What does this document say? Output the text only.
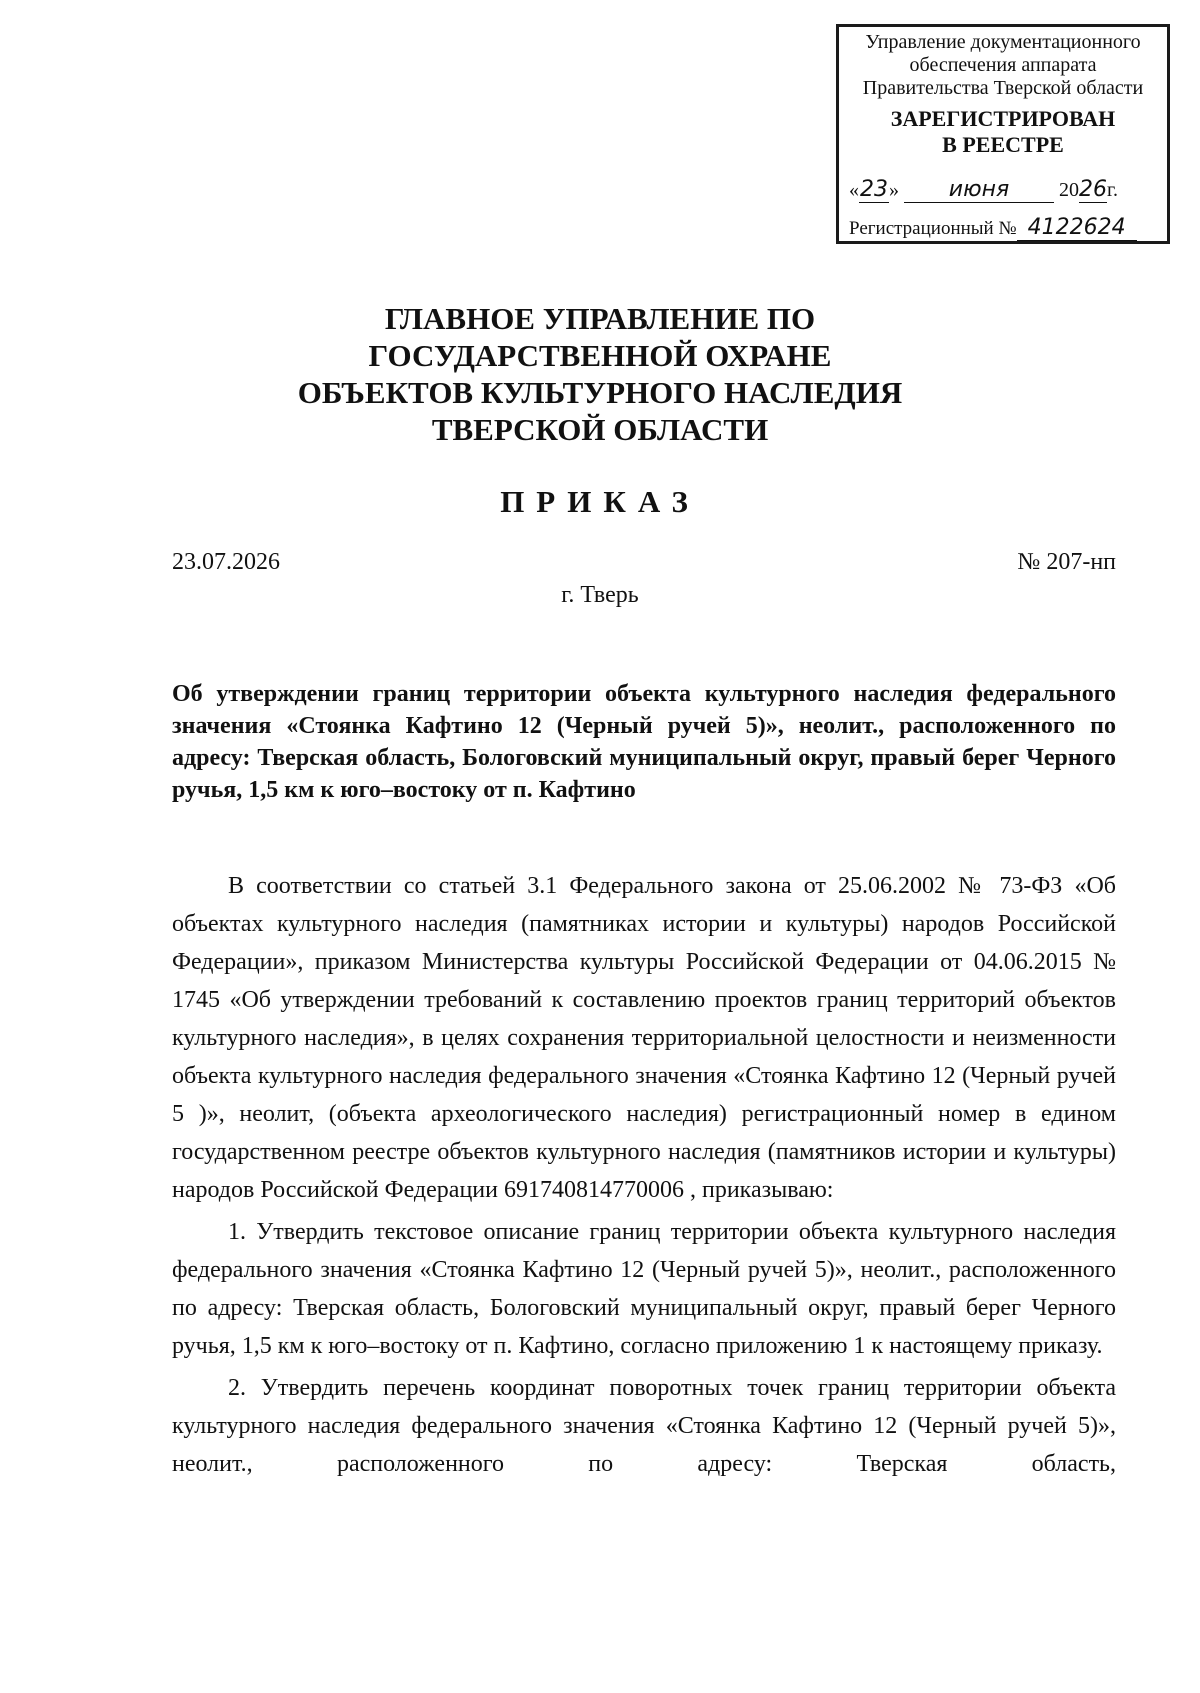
Управление документационного
обеспечения аппарата
Правительства Тверской области
ЗАРЕГИСТРИРОВАН
В РЕЕСТРЕ
«23» июня 2026г.
Регистрационный № 4122624
ГЛАВНОЕ УПРАВЛЕНИЕ ПО
ГОСУДАРСТВЕННОЙ ОХРАНЕ
ОБЪЕКТОВ КУЛЬТУРНОГО НАСЛЕДИЯ
ТВЕРСКОЙ ОБЛАСТИ
ПРИКАЗ
23.07.2026	№ 207-нп
г. Тверь
Об утверждении границ территории объекта культурного наследия федерального значения «Стоянка Кафтино 12 (Черный ручей 5)», неолит., расположенного по адресу: Тверская область, Бологовский муниципальный округ, правый берег Черного ручья, 1,5 км к юго–востоку от п. Кафтино

В соответствии со статьей 3.1 Федерального закона от 25.06.2002 № 73-ФЗ «Об объектах культурного наследия (памятниках истории и культуры) народов Российской Федерации», приказом Министерства культуры Российской Федерации от 04.06.2015 № 1745 «Об утверждении требований к составлению проектов границ территорий объектов культурного наследия», в целях сохранения территориальной целостности и неизменности объекта культурного наследия федерального значения «Стоянка Кафтино 12 (Черный ручей 5 )», неолит, (объекта археологического наследия) регистрационный номер в едином государственном реестре объектов культурного наследия (памятников истории и культуры) народов Российской Федерации 691740814770006 , приказываю:

1. Утвердить текстовое описание границ территории объекта культурного наследия федерального значения «Стоянка Кафтино 12 (Черный ручей 5)», неолит., расположенного по адресу: Тверская область, Бологовский муниципальный округ, правый берег Черного ручья, 1,5 км к юго–востоку от п. Кафтино, согласно приложению 1 к настоящему приказу.

2. Утвердить перечень координат поворотных точек границ территории объекта культурного наследия федерального значения «Стоянка Кафтино 12 (Черный ручей 5)», неолит., расположенного по адресу: Тверская область,
